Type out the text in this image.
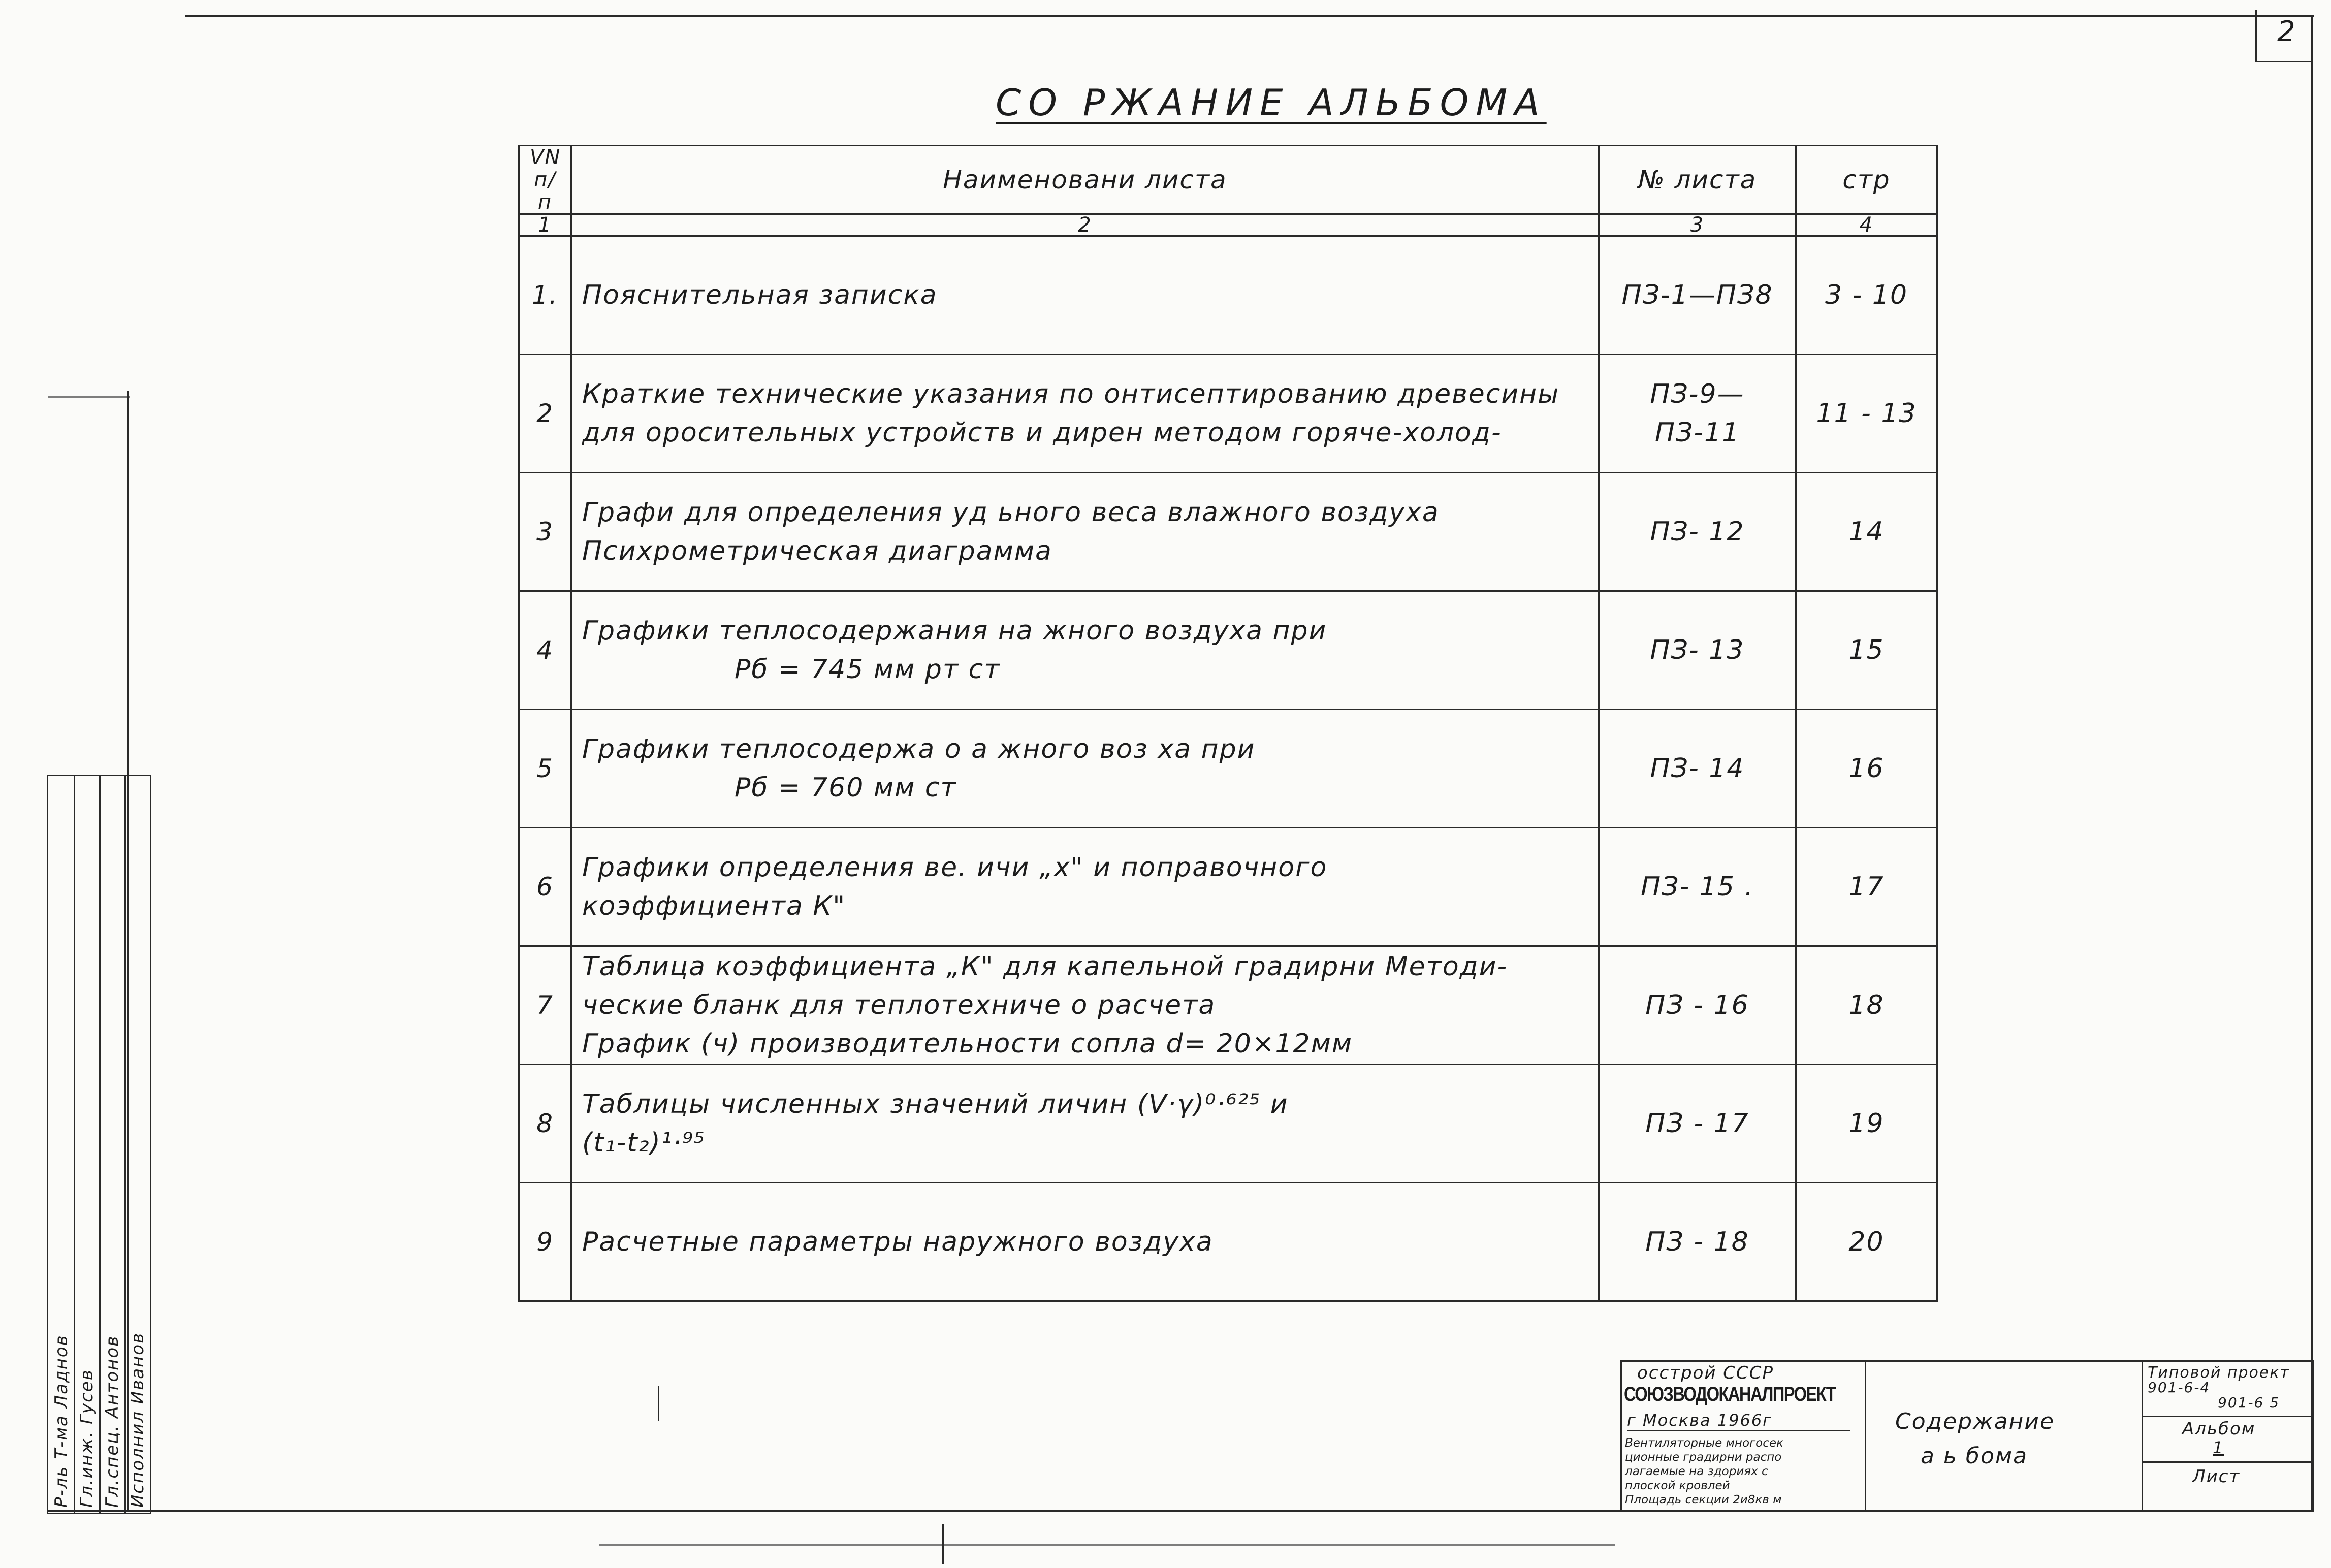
2
СО РЖАНИЕ АЛЬБОМА
VN п/п	Наименовани листа	№ листа	стр
1	2	3	4
1.	Пояснительная записка	ПЗ-1—ПЗ8	3 - 10
2	Краткие технические указания по онтисептированию древесины
для оросительных устройств и дирен методом горяче-холод-	ПЗ-9—ПЗ-11	11 - 13
3	Графи для определения уд ьного веса влажного воздуха
Психрометрическая диаграмма	ПЗ- 12	14
4	Графики теплосодержания на жного воздуха при
Рб = 745 мм рт ст	ПЗ- 13	15
5	Графики теплосодержа о а жного воз ха при
Рб = 760 мм ст	ПЗ- 14	16
6	Графики определения ве. ичи „х" и поправочного
коэффициента К"	ПЗ- 15 .	17
7	Таблица коэффициента „К" для капельной градирни Методи-
ческие бланк для теплотехниче о расчета
График (ч) производительности сопла d= 20×12мм	ПЗ - 16	18
8	Таблицы численных значений личин (V·γ)⁰·⁶²⁵ и
(t₁-t₂)¹·⁹⁵	ПЗ - 17	19
9	Расчетные параметры наружного воздуха	ПЗ - 18	20
осстрой СССР
СОЮЗВОДОКАНАЛПРОЕКТ
г Москва 1966г
Вентиляторные многосек
ционные градирни распо
лагаемые на здориях с
плоской кровлей
Площадь секции 2и8кв м
Содержание
а ь бома
Типовой проект
901-6-4
901-6 5
Альбом
1
Лист
Р-ль Т-ма Ладнов Гл.инж. Гусев Гл.спец. Антонов Исполнил Иванов
